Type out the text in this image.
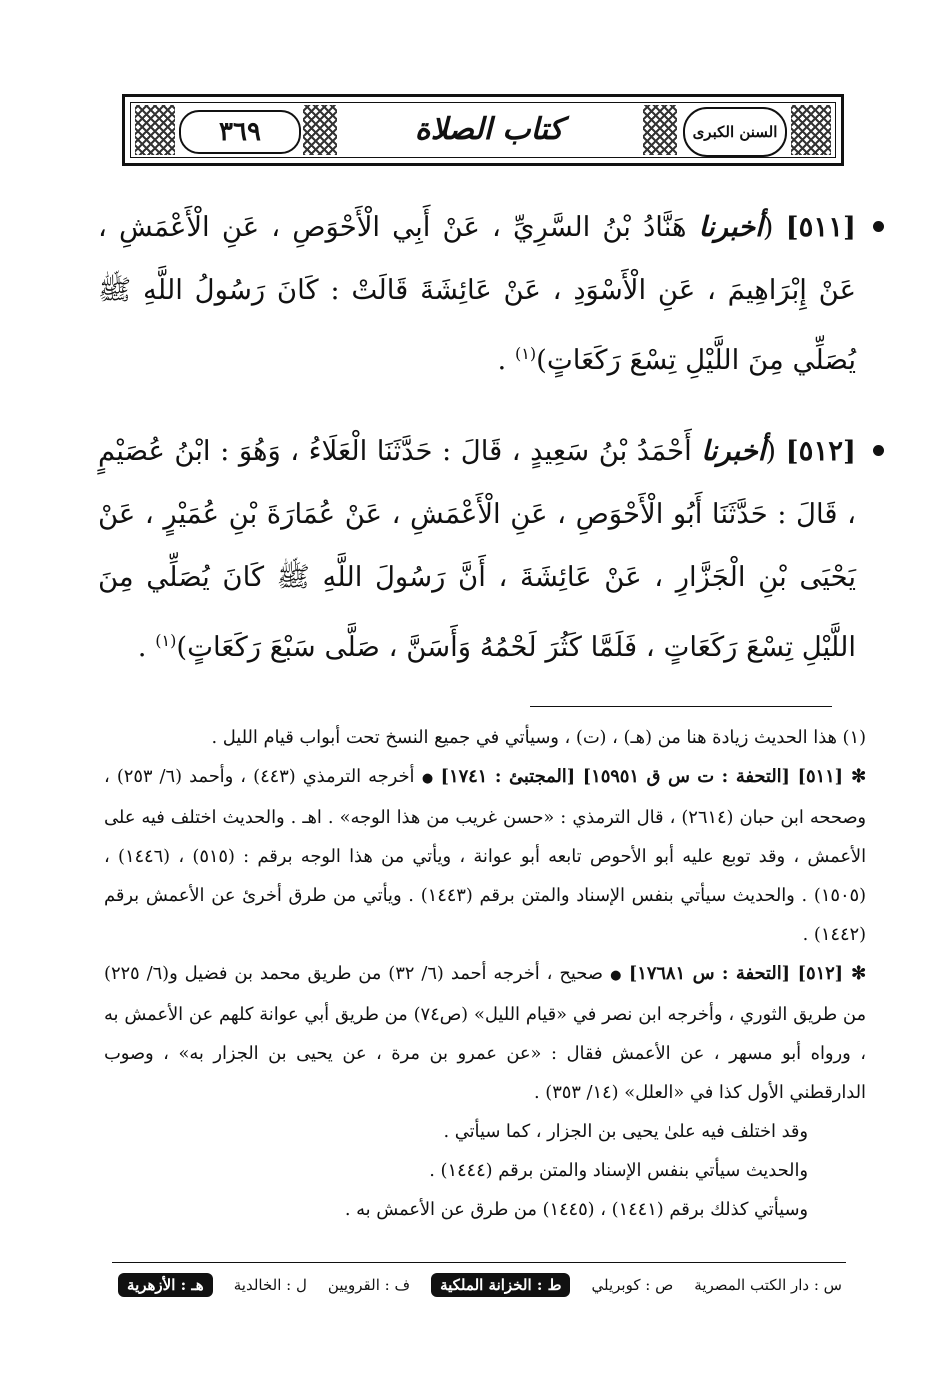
٣٦٩	كتاب الصلاة	السنن الكبرى

[٥١١] (أخبرنا هَنَّادُ بْنُ السَّرِيِّ ، عَنْ أَبِي الْأَحْوَصِ ، عَنِ الْأَعْمَشِ ، عَنْ إِبْرَاهِيمَ ، عَنِ الْأَسْوَدِ ، عَنْ عَائِشَةَ قَالَتْ : كَانَ رَسُولُ اللَّهِ ﷺ يُصَلِّي مِنَ اللَّيْلِ تِسْعَ رَكَعَاتٍ)$^{(١)}$ .

[٥١٢] (أخبرنا أَحْمَدُ بْنُ سَعِيدٍ ، قَالَ : حَدَّثَنَا الْعَلَاءُ ، وَهُوَ : ابْنُ عُصَيْمٍ ، قَالَ : حَدَّثَنَا أَبُو الْأَحْوَصِ ، عَنِ الْأَعْمَشِ ، عَنْ عُمَارَةَ بْنِ عُمَيْرٍ ، عَنْ يَحْيَى بْنِ الْجَزَّارِ ، عَنْ عَائِشَةَ ، أَنَّ رَسُولَ اللَّهِ ﷺ كَانَ يُصَلِّي مِنَ اللَّيْلِ تِسْعَ رَكَعَاتٍ ، فَلَمَّا كَثُرَ لَحْمُهُ وَأَسَنَّ ، صَلَّى سَبْعَ رَكَعَاتٍ)$^{(١)}$ .

(١) هذا الحديث زيادة هنا من (هـ) ، (ت) ، وسيأتي في جميع النسخ تحت أبواب قيام الليل .

✻[٥١١] [التحفة : ت س ق ١٥٩٥١] [المجتبئ : ١٧٤١]●أخرجه الترمذي (٤٤٣) ، وأحمد (٦/ ٢٥٣) ، وصححه ابن حبان (٢٦١٤) ، قال الترمذي : «حسن غريب من هذا الوجه» . اهـ . والحديث اختلف فيه على الأعمش ، وقد توبع عليه أبو الأحوص تابعه أبو عوانة ، ويأتي من هذا الوجه برقم : (٥١٥) ، (١٤٤٦) ، (١٥٠٥) . والحديث سيأتي بنفس الإسناد والمتن برقم (١٤٤٣) . ويأتي من طرق أخرئ عن الأعمش برقم (١٤٤٢) .

✻[٥١٢] [التحفة : س ١٧٦٨١]●صحيح ، أخرجه أحمد (٦/ ٣٢) من طريق محمد بن فضيل و(٦/ ٢٢٥) من طريق الثوري ، وأخرجه ابن نصر في «قيام الليل» (ص٧٤) من طريق أبي عوانة كلهم عن الأعمش به ، ورواه أبو مسهر ، عن الأعمش فقال : «عن عمرو بن مرة ، عن يحيى بن الجزار به» ، وصوب الدارقطني الأول كذا في «العلل» (١٤/ ٣٥٣) .

وقد اختلف فيه علىٰ يحيى بن الجزار ، كما سيأتي .

والحديث سيأتي بنفس الإسناد والمتن برقم (١٤٤٤) .

وسيأتي كذلك برقم (١٤٤١) ، (١٤٤٥) من طرق عن الأعمش به .

س : دار الكتب المصرية
ص : كوبريلي
ط : الخزانة الملكية
ف : القرويين
ل : الخالدية
هـ : الأزهرية
